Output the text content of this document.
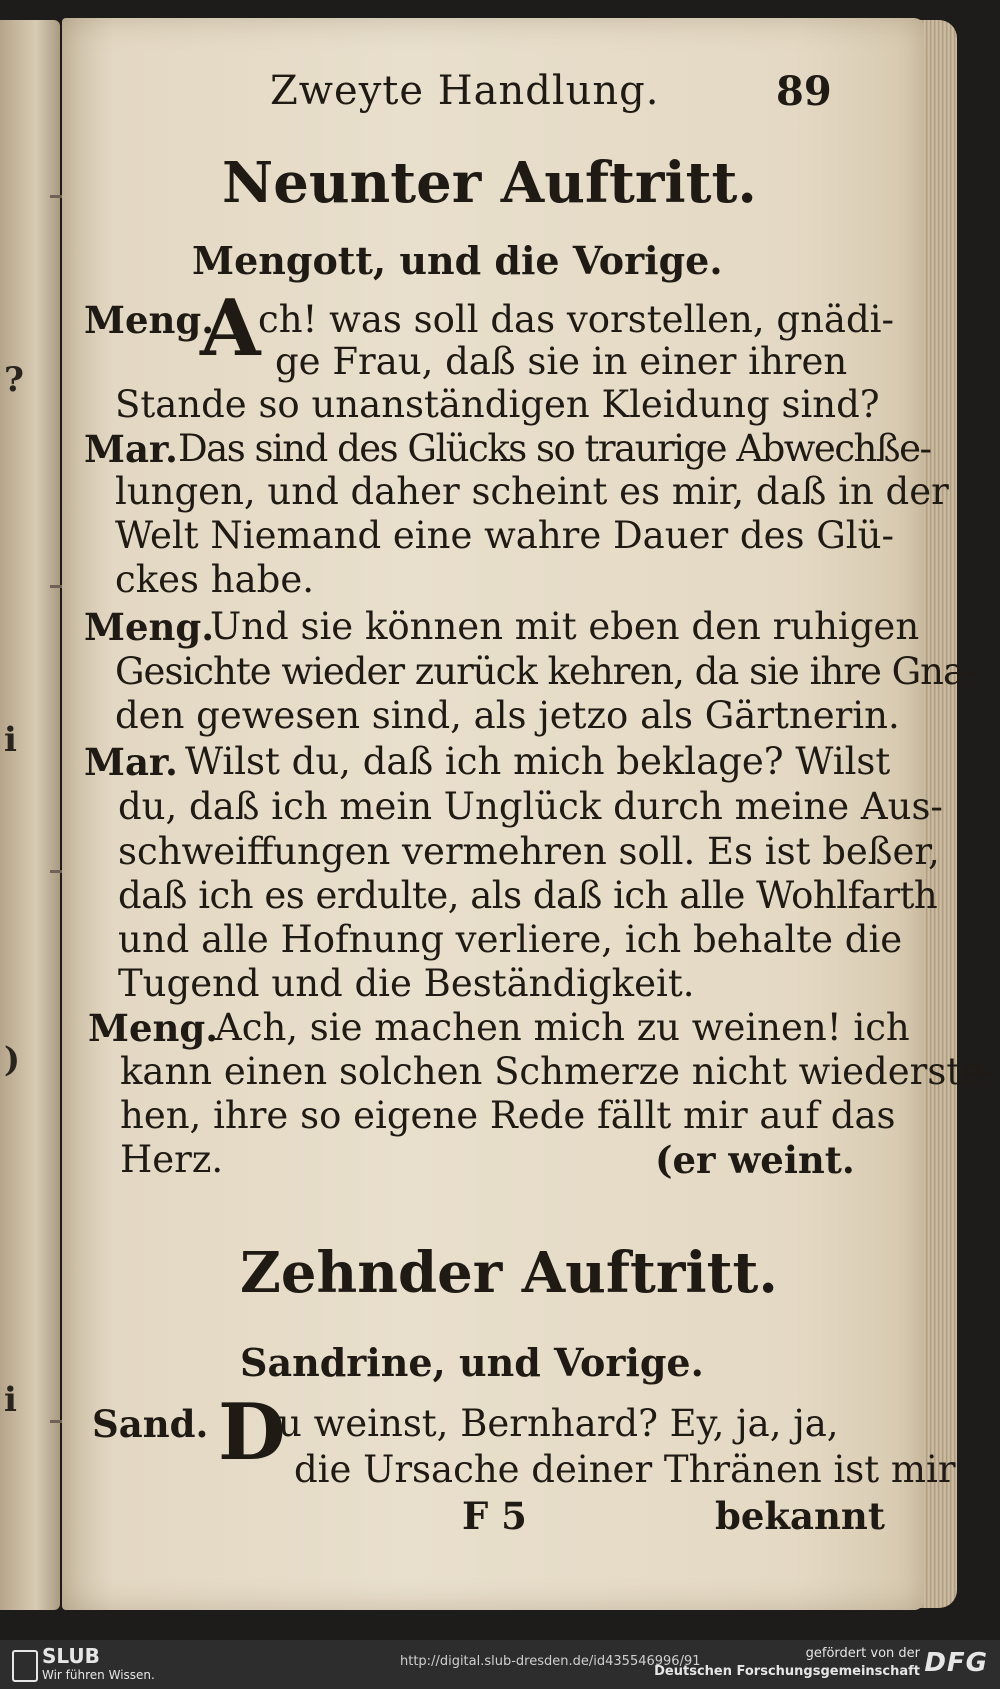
?
i
)
i
Zweyte Handlung.	89
Neunter Auftritt.
Mengott, und die Vorige.
Meng.
A
ch! was soll das vorstellen, gnädi-
ge Frau, daß sie in einer ihren
Stande so unanständigen Kleidung sind?
Mar. Das sind des Glücks so traurige Abwechßе-
lungen, und daher scheint es mir, daß in der
Welt Niemand eine wahre Dauer des Glü-
ckes habe.
Meng.
Und sie können mit eben den ruhigen
Gesichte wieder zurück kehren, da sie ihre Gna-
den gewesen sind, als jetzo als Gärtnerin.
Mar. Wilst du, daß ich mich beklage? Wilst
du, daß ich mein Unglück durch meine Aus-
schweiffungen vermehren soll. Es ist beßer,
daß ich es erdulte, als daß ich alle Wohlfarth
und alle Hofnung verliere, ich behalte die
Tugend und die Beständigkeit.
Meng.
Ach, sie machen mich zu weinen! ich
kann einen solchen Schmerze nicht wiederste-
hen, ihre so eigene Rede fällt mir auf das
Herz.	(er weint.
Zehnder Auftritt.
Sandrine, und Vorige.
Sand. D
u weinst, Bernhard? Ey, ja, ja,
die Ursache deiner Thränen ist mir
F 5	bekannt
SLUB
Wir führen Wissen.
http://digital.slub-dresden.de/id435546996/91
gefördert von der
Deutschen Forschungsgemeinschaft DFG
